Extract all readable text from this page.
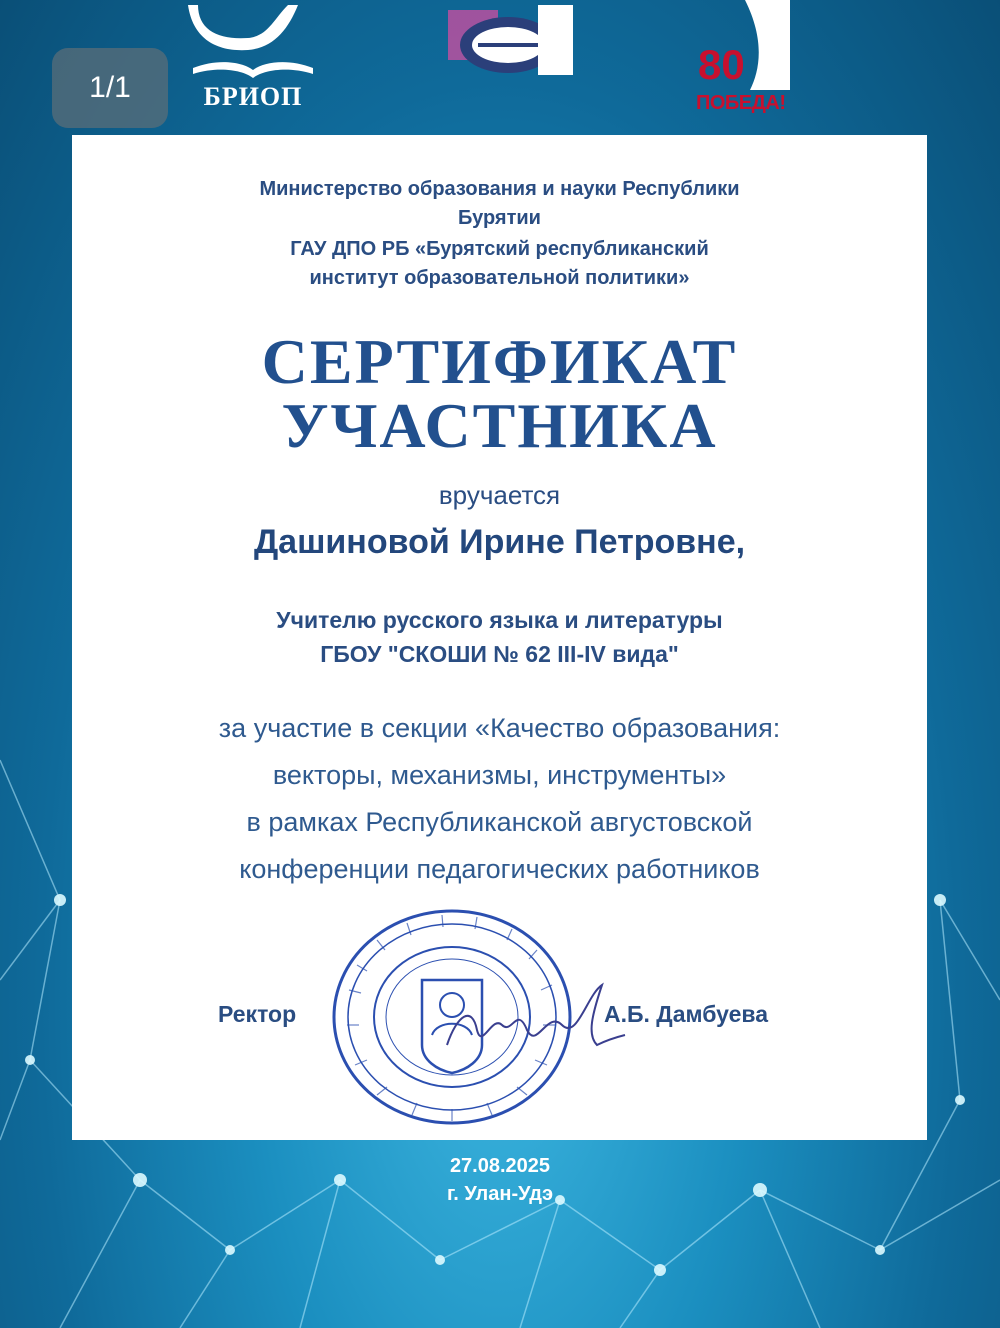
1/1	БРИОП
80
ПОБЕДА!
Министерство образования и науки Республики
Бурятии
ГАУ ДПО РБ «Бурятский республиканский
институт образовательной политики»
СЕРТИФИКАТ
УЧАСТНИКА
вручается
Дашиновой Ирине Петровне,
Учителю русского языка и литературы
ГБОУ "СКОШИ № 62 III-IV вида"
за участие в секции «Качество образования:
векторы, механизмы, инструменты»
в рамках Республиканской августовской
конференции педагогических работников
Ректор	А.Б. Дамбуева
27.08.2025
г. Улан-Удэ
